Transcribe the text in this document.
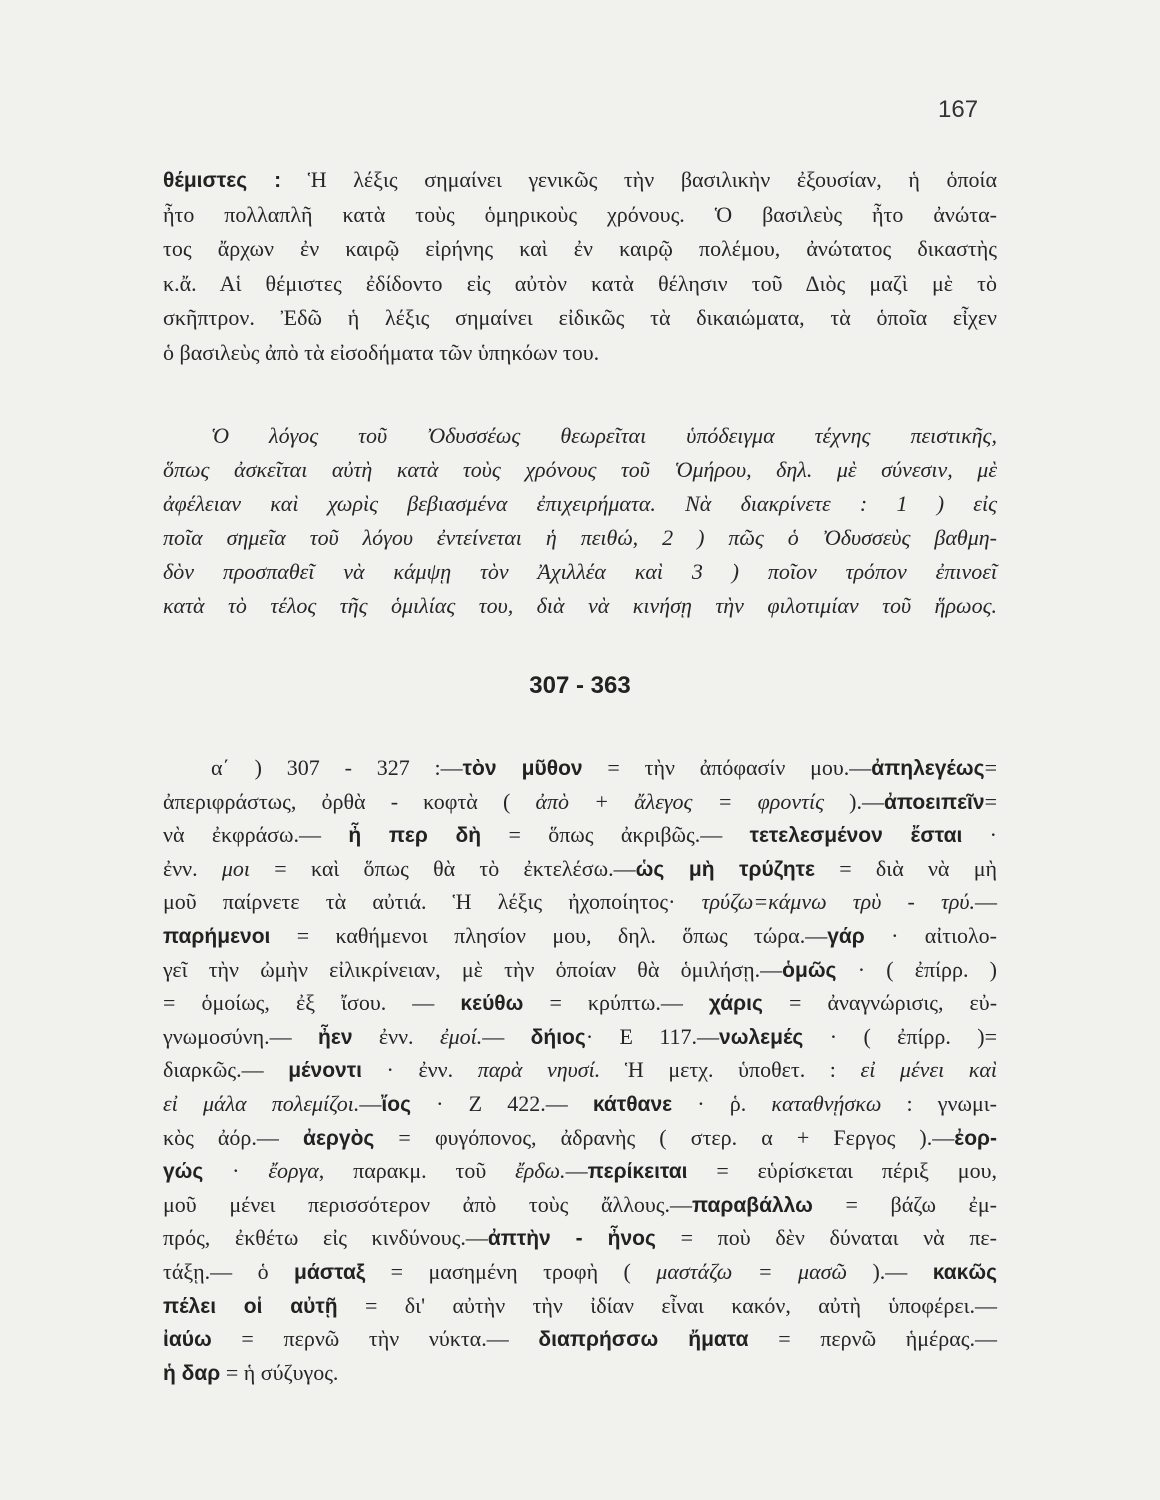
167
θέμιστες : Ἡ λέξις σημαίνει γενικῶς τὴν βασιλικὴν ἐξουσίαν, ἡ ὁποία
ἦτο πολλαπλῆ κατὰ τοὺς ὁμηρικοὺς χρόνους. Ὁ βασιλεὺς ἦτο ἀνώτα-
τος ἄρχων ἐν καιρῷ εἰρήνης καὶ ἐν καιρῷ πολέμου, ἀνώτατος δικαστὴς
κ.ἄ. Αἱ θέμιστες ἐδίδοντο εἰς αὐτὸν κατὰ θέλησιν τοῦ Διὸς μαζὶ μὲ τὸ
σκῆπτρον. Ἐδῶ ἡ λέξις σημαίνει εἰδικῶς τὰ δικαιώματα, τὰ ὁποῖα εἶχεν
ὁ βασιλεὺς ἀπὸ τὰ εἰσοδήματα τῶν ὑπηκόων του.
Ὁ λόγος τοῦ Ὀδυσσέως θεωρεῖται ὑπόδειγμα τέχνης πειστικῆς,
ὅπως ἀσκεῖται αὐτὴ κατὰ τοὺς χρόνους τοῦ Ὁμήρου, δηλ. μὲ σύνεσιν, μὲ
ἀφέλειαν καὶ χωρὶς βεβιασμένα ἐπιχειρήματα. Νὰ διακρίνετε : 1 ) εἰς
ποῖα σημεῖα τοῦ λόγου ἐντείνεται ἡ πειθώ, 2 ) πῶς ὁ Ὀδυσσεὺς βαθμη-
δὸν προσπαθεῖ νὰ κάμψῃ τὸν Ἀχιλλέα καὶ 3 ) ποῖον τρόπον ἐπινοεῖ
κατὰ τὸ τέλος τῆς ὁμιλίας του, διὰ νὰ κινήσῃ τὴν φιλοτιμίαν τοῦ ἥρωος.
307 - 363
α΄ ) 307 - 327 :—τὸν μῦθον = τὴν ἀπόφασίν μου.—ἀπηλεγέως=
ἀπεριφράστως, ὀρθὰ - κοφτὰ ( ἀπὸ + ἄλεγος = φροντίς ).—ἀποειπεῖν=
νὰ ἐκφράσω.— ἦ περ δὴ = ὅπως ἀκριβῶς.— τετελεσμένον ἔσται ·
ἐνν. μοι = καὶ ὅπως θὰ τὸ ἐκτελέσω.—ὡς μὴ τρύζητε = διὰ νὰ μὴ
μοῦ παίρνετε τὰ αὐτιά. Ἡ λέξις ἠχοποίητος· τρύζω=κάμνω τρὺ - τρύ.—
παρήμενοι = καθήμενοι πλησίον μου, δηλ. ὅπως τώρα.—γάρ · αἰτιολο-
γεῖ τὴν ὠμὴν εἰλικρίνειαν, μὲ τὴν ὁποίαν θὰ ὁμιλήσῃ.—ὁμῶς · ( ἐπίρρ. )
= ὁμοίως, ἐξ ἴσου. — κεύθω = κρύπτω.— χάρις = ἀναγνώρισις, εὐ-
γνωμοσύνη.— ἦεν ἐνν. ἐμοί.— δήιος· Ε 117.—νωλεμές · ( ἐπίρρ. )=
διαρκῶς.— μένοντι · ἐνν. παρὰ νηυσί. Ἡ μετχ. ὑποθετ. : εἰ μένει καὶ
εἰ μάλα πολεμίζοι.—ἴος · Ζ 422.— κάτθανε · ῥ. καταθνῄσκω : γνωμι-
κὸς ἀόρ.— ἀεργὸς = φυγόπονος, ἀδρανὴς ( στερ. α + Ϝεργος ).—ἐορ-
γώς · ἔοργα, παρακμ. τοῦ ἔρδω.—περίκειται = εὑρίσκεται πέριξ μου,
μοῦ μένει περισσότερον ἀπὸ τοὺς ἄλλους.—παραβάλλω = βάζω ἐμ-
πρός, ἐκθέτω εἰς κινδύνους.—ἀπτὴν - ἦνος = ποὺ δὲν δύναται νὰ πε-
τάξῃ.— ὁ μάσταξ = μασημένη τροφὴ ( μαστάζω = μασῶ ).— κακῶς
πέλει οἱ αὐτῇ = δι' αὐτὴν τὴν ἰδίαν εἶναι κακόν, αὐτὴ ὑποφέρει.—
ἰαύω = περνῶ τὴν νύκτα.— διαπρήσσω ἤματα = περνῶ ἡμέρας.—
ἡ δαρ = ἡ σύζυγος.
